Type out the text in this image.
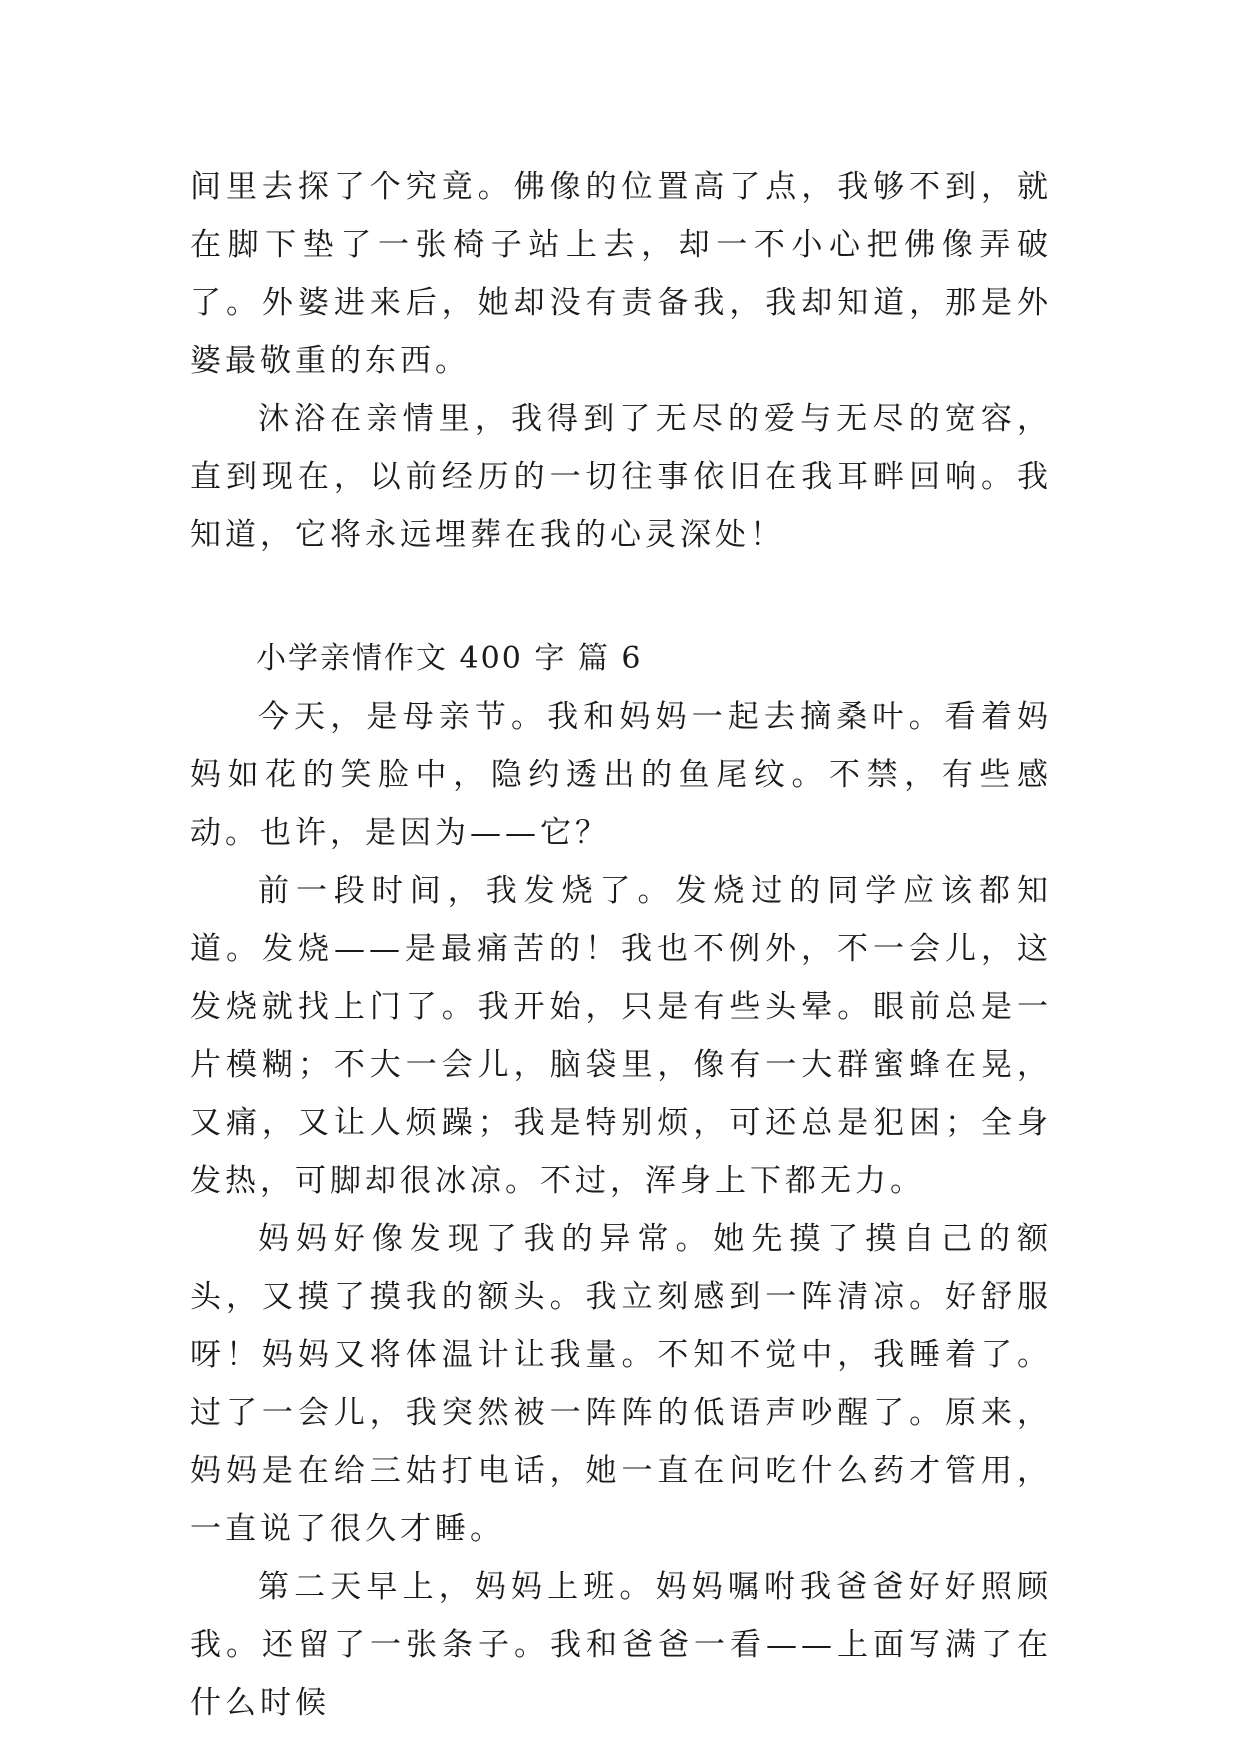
间里去探了个究竟。佛像的位置高了点，我够不到，就在脚下垫了一张椅子站上去，却一不小心把佛像弄破了。外婆进来后，她却没有责备我，我却知道，那是外婆最敬重的东西。

沐浴在亲情里，我得到了无尽的爱与无尽的宽容，直到现在，以前经历的一切往事依旧在我耳畔回响。我知道，它将永远埋葬在我的心灵深处！

小学亲情作文 400 字 篇 6

今天，是母亲节。我和妈妈一起去摘桑叶。看着妈妈如花的笑脸中，隐约透出的鱼尾纹。不禁，有些感动。也许，是因为——它？

前一段时间，我发烧了。发烧过的同学应该都知道。发烧——是最痛苦的！我也不例外，不一会儿，这发烧就找上门了。我开始，只是有些头晕。眼前总是一片模糊；不大一会儿，脑袋里，像有一大群蜜蜂在晃，又痛，又让人烦躁；我是特别烦，可还总是犯困；全身发热，可脚却很冰凉。不过，浑身上下都无力。

妈妈好像发现了我的异常。她先摸了摸自己的额头，又摸了摸我的额头。我立刻感到一阵清凉。好舒服呀！妈妈又将体温计让我量。不知不觉中，我睡着了。过了一会儿，我突然被一阵阵的低语声吵醒了。原来，妈妈是在给三姑打电话，她一直在问吃什么药才管用，一直说了很久才睡。

第二天早上，妈妈上班。妈妈嘱咐我爸爸好好照顾我。还留了一张条子。我和爸爸一看——上面写满了在什么时候
